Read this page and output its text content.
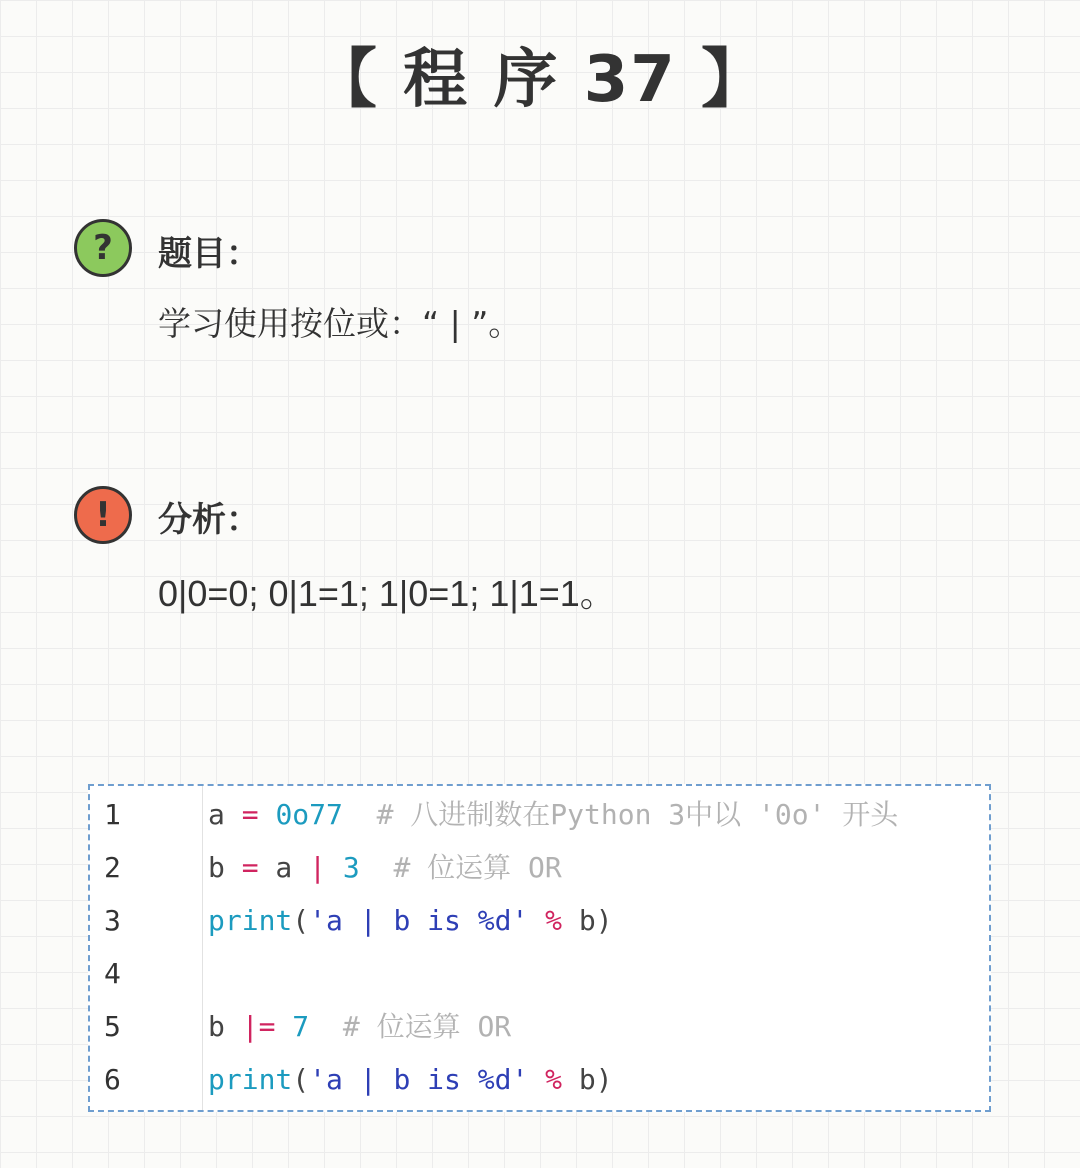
【 程 序 37 】
? 题目：
学习使用按位或：“ | ”。
! 分析：
0|0=0; 0|1=1; 1|0=1; 1|1=1。
1	a = 0o77  # 八进制数在Python 3中以 '0o' 开头
2	b = a | 3  # 位运算 OR
3	print('a | b is %d' % b)
4
5	b |= 7  # 位运算 OR
6	print('a | b is %d' % b)
